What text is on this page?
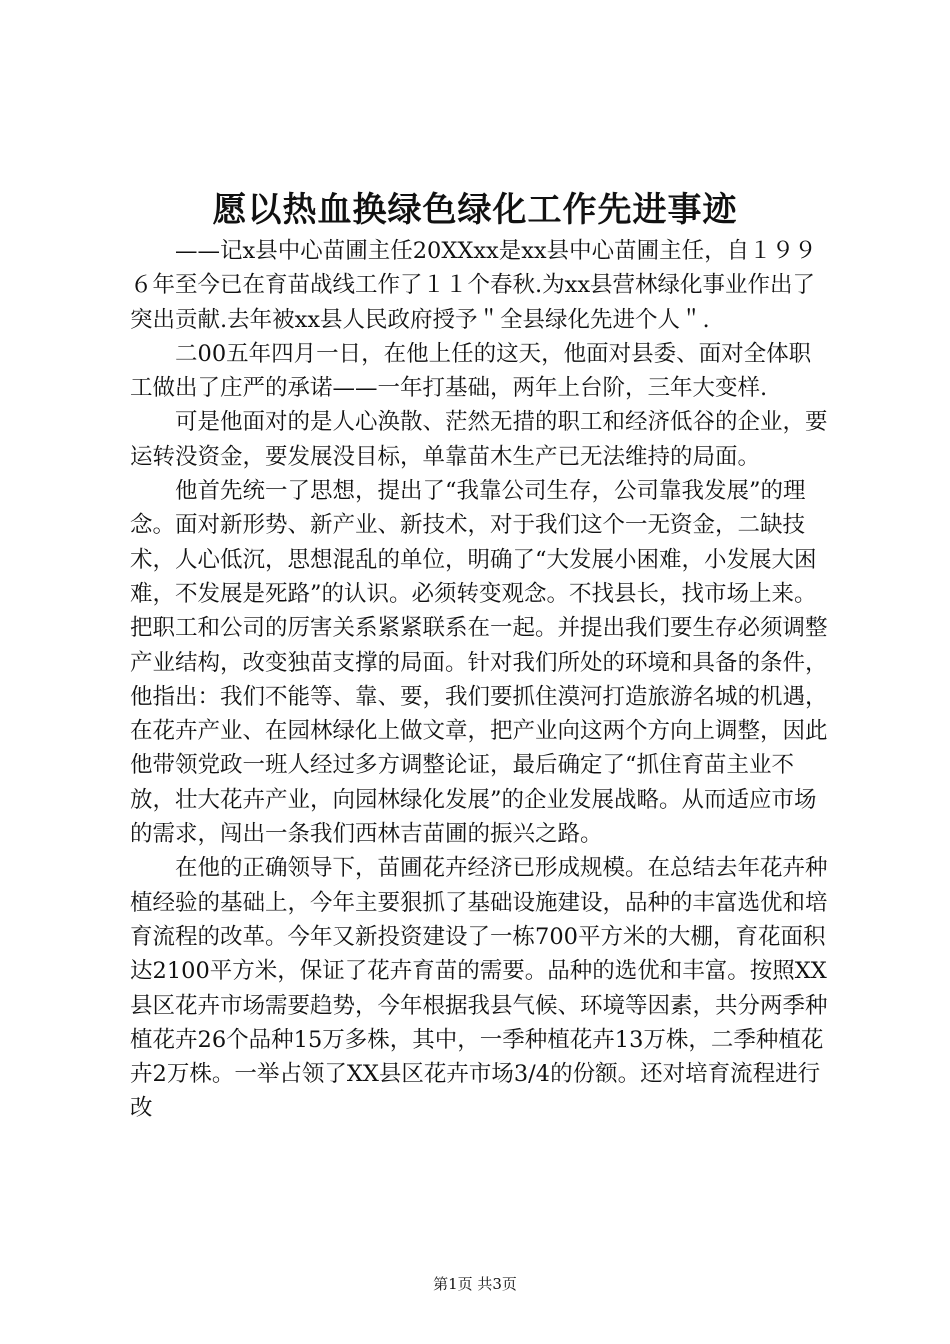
愿以热血换绿色绿化工作先进事迹

——记x县中心苗圃主任20XXxx是xx县中心苗圃主任，自１９９６年至今已在育苗战线工作了１１个春秋.为xx县营林绿化事业作出了突出贡献.去年被xx县人民政府授予＂全县绿化先进个人＂.

二00五年四月一日，在他上任的这天，他面对县委、面对全体职工做出了庄严的承诺——一年打基础，两年上台阶，三年大变样.

可是他面对的是人心涣散、茫然无措的职工和经济低谷的企业，要运转没资金，要发展没目标，单靠苗木生产已无法维持的局面。

他首先统一了思想，提出了“我靠公司生存，公司靠我发展”的理念。面对新形势、新产业、新技术，对于我们这个一无资金，二缺技术，人心低沉，思想混乱的单位，明确了“大发展小困难，小发展大困难，不发展是死路”的认识。必须转变观念。不找县长，找市场上来。把职工和公司的厉害关系紧紧联系在一起。并提出我们要生存必须调整产业结构，改变独苗支撑的局面。针对我们所处的环境和具备的条件，他指出：我们不能等、靠、要，我们要抓住漠河打造旅游名城的机遇，在花卉产业、在园林绿化上做文章，把产业向这两个方向上调整，因此他带领党政一班人经过多方调整论证，最后确定了“抓住育苗主业不放，壮大花卉产业，向园林绿化发展”的企业发展战略。从而适应市场的需求，闯出一条我们西林吉苗圃的振兴之路。

在他的正确领导下，苗圃花卉经济已形成规模。在总结去年花卉种植经验的基础上，今年主要狠抓了基础设施建设，品种的丰富选优和培育流程的改革。今年又新投资建设了一栋700平方米的大棚，育花面积达2100平方米，保证了花卉育苗的需要。品种的选优和丰富。按照XX县区花卉市场需要趋势，今年根据我县气候、环境等因素，共分两季种植花卉26个品种15万多株，其中，一季种植花卉13万株，二季种植花卉2万株。一举占领了XX县区花卉市场3/4的份额。还对培育流程进行改

第1页 共3页
